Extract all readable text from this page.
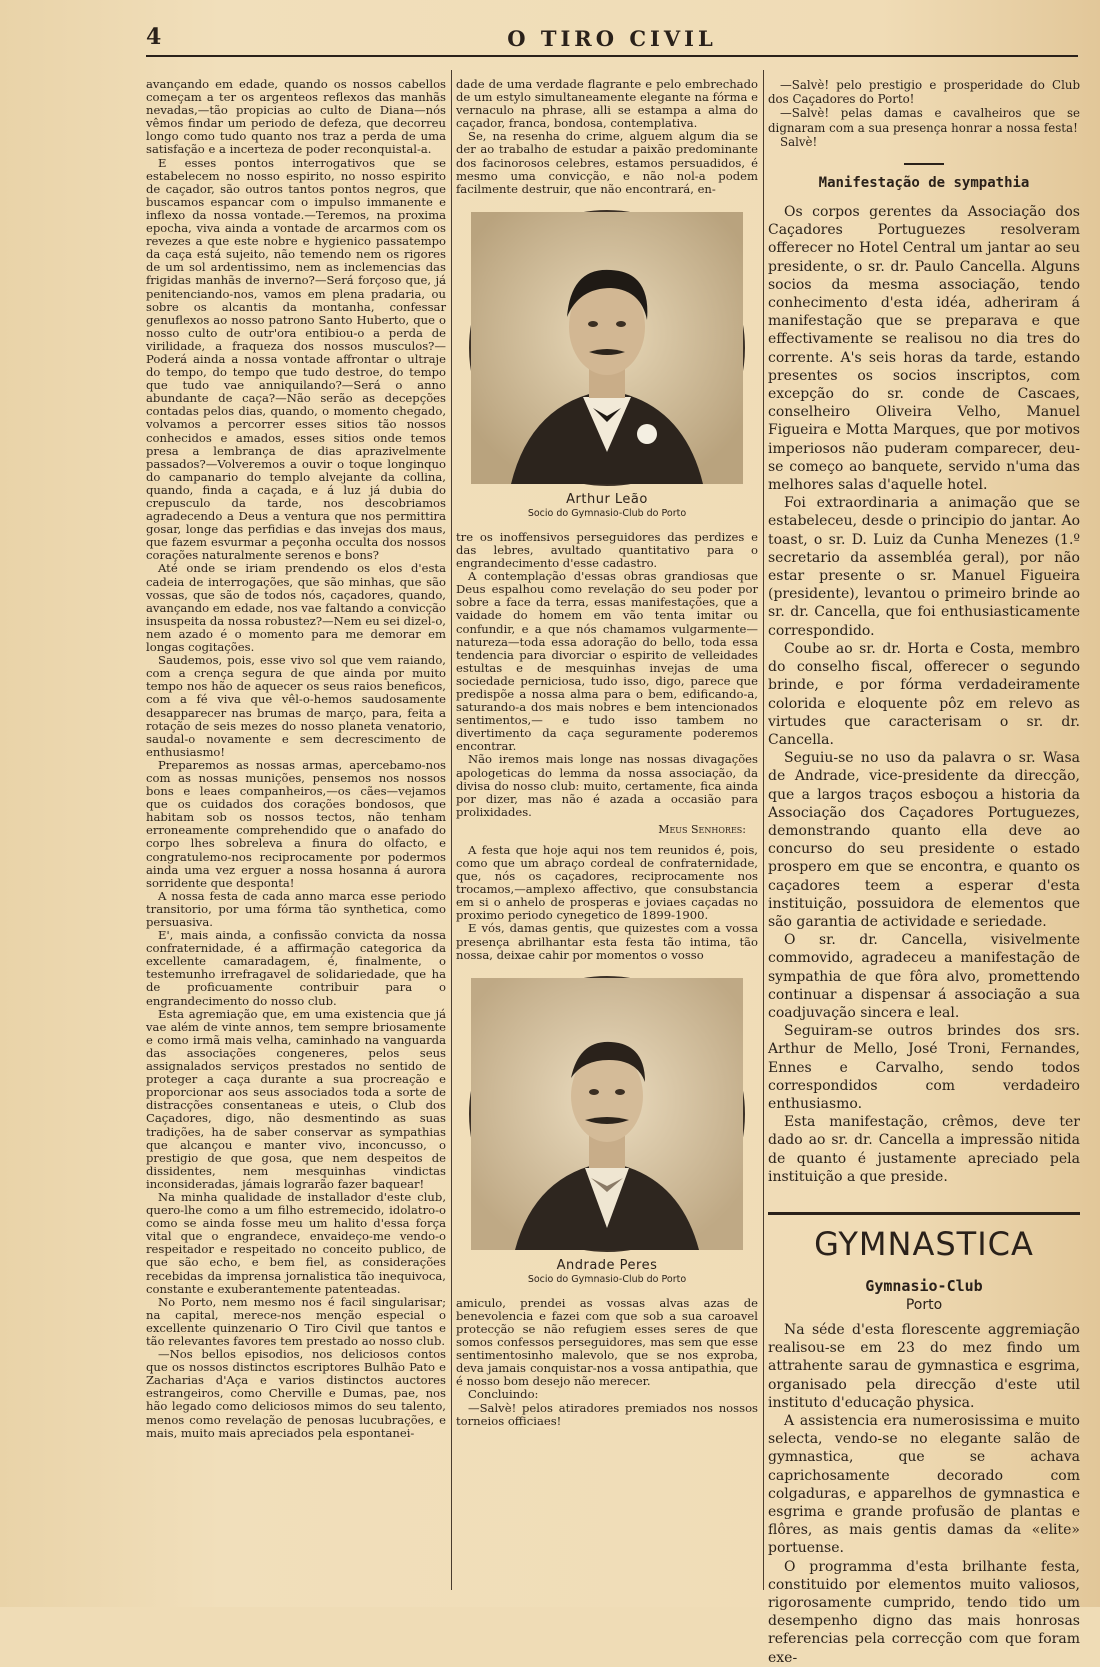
4	O TIRO CIVIL

avançando em edade, quando os nossos cabellos começam a ter os argenteos reflexos das manhãs nevadas,—tão propicias ao culto de Diana—nós vêmos findar um periodo de defeza, que decorreu longo como tudo quanto nos traz a perda de uma satisfação e a incerteza de poder reconquistal-a.

E esses pontos interrogativos que se estabelecem no nosso espirito, no nosso espirito de caçador, são outros tantos pontos negros, que buscamos espancar com o impulso immanente e inflexo da nossa vontade.—Teremos, na proxima epocha, viva ainda a vontade de arcarmos com os revezes a que este nobre e hygienico passatempo da caça está sujeito, não temendo nem os rigores de um sol ardentissimo, nem as inclemencias das frigidas manhãs de inverno?—Será forçoso que, já penitenciando-nos, vamos em plena pradaria, ou sobre os alcantis da montanha, confessar genuflexos ao nosso patrono Santo Huberto, que o nosso culto de outr'ora entibiou-o a perda de virilidade, a fraqueza dos nossos musculos?—Poderá ainda a nossa vontade affrontar o ultraje do tempo, do tempo que tudo destroe, do tempo que tudo vae anniquilando?—Será o anno abundante de caça?—Não serão as decepções contadas pelos dias, quando, o momento chegado, volvamos a percorrer esses sitios tão nossos conhecidos e amados, esses sitios onde temos presa a lembrança de dias aprazivelmente passados?—Volveremos a ouvir o toque longinquo do campanario do templo alvejante da collina, quando, finda a caçada, e á luz já dubia do crepusculo da tarde, nos descobriamos agradecendo a Deus a ventura que nos permittira gosar, longe das perfidias e das invejas dos maus, que fazem esvurmar a peçonha occulta dos nossos corações naturalmente serenos e bons?

Até onde se iriam prendendo os elos d'esta cadeia de interrogações, que são minhas, que são vossas, que são de todos nós, caçadores, quando, avançando em edade, nos vae faltando a convicção insuspeita da nossa robustez?—Nem eu sei dizel-o, nem azado é o momento para me demorar em longas cogitações.

Saudemos, pois, esse vivo sol que vem raiando, com a crença segura de que ainda por muito tempo nos hão de aquecer os seus raios beneficos, com a fé viva que vêl-o-hemos saudosamente desapparecer nas brumas de março, para, feita a rotação de seis mezes do nosso planeta venatorio, saudal-o novamente e sem decrescimento de enthusiasmo!

Preparemos as nossas armas, apercebamo-nos com as nossas munições, pensemos nos nossos bons e leaes companheiros,—os cães—vejamos que os cuidados dos corações bondosos, que habitam sob os nossos tectos, não tenham erroneamente comprehendido que o anafado do corpo lhes sobreleva a finura do olfacto, e congratulemo-nos reciprocamente por podermos ainda uma vez erguer a nossa hosanna á aurora sorridente que desponta!

A nossa festa de cada anno marca esse periodo transitorio, por uma fórma tão synthetica, como persuasiva.

E', mais ainda, a confissão convicta da nossa confraternidade, é a affirmação categorica da excellente camaradagem, é, finalmente, o testemunho irrefragavel de solidariedade, que ha de proficuamente contribuir para o engrandecimento do nosso club.

Esta agremiação que, em uma existencia que já vae além de vinte annos, tem sempre briosamente e como irmã mais velha, caminhado na vanguarda das associações congeneres, pelos seus assignalados serviços prestados no sentido de proteger a caça durante a sua procreação e proporcionar aos seus associados toda a sorte de distracções consentaneas e uteis, o Club dos Caçadores, digo, não desmentindo as suas tradições, ha de saber conservar as sympathias que alcançou e manter vivo, inconcusso, o prestigio de que gosa, que nem despeitos de dissidentes, nem mesquinhas vindictas inconsideradas, jámais lograrão fazer baquear!

Na minha qualidade de installador d'este club, quero-lhe como a um filho estremecido, idolatro-o como se ainda fosse meu um halito d'essa força vital que o engrandece, envaideço-me vendo-o respeitador e respeitado no conceito publico, de que são echo, e bem fiel, as considerações recebidas da imprensa jornalistica tão inequivoca, constante e exuberantemente patenteadas.

No Porto, nem mesmo nos é facil singularisar; na capital, merece-nos menção especial o excellente quinzenario O Tiro Civil que tantos e tão relevantes favores tem prestado ao nosso club.

—Nos bellos episodios, nos deliciosos contos que os nossos distinctos escriptores Bulhão Pato e Zacharias d'Aça e varios distinctos auctores estrangeiros, como Cherville e Dumas, pae, nos hão legado como deliciosos mimos do seu talento, menos como revelação de penosas lucubrações, e mais, muito mais apreciados pela espontanei-

dade de uma verdade flagrante e pelo embrechado de um estylo simultaneamente elegante na fórma e vernaculo na phrase, alli se estampa a alma do caçador, franca, bondosa, contemplativa.

Se, na resenha do crime, alguem algum dia se der ao trabalho de estudar a paixão predominante dos facinorosos celebres, estamos persuadidos, é mesmo uma convicção, e não nol-a podem facilmente destruir, que não encontrará, en-

Arthur Leão
Socio do Gymnasio-Club do Porto

tre os inoffensivos perseguidores das perdizes e das lebres, avultado quantitativo para o engrandecimento d'esse cadastro.

A contemplação d'essas obras grandiosas que Deus espalhou como revelação do seu poder por sobre a face da terra, essas manifestações, que a vaidade do homem em vão tenta imitar ou confundir, e a que nós chamamos vulgarmente—natureza—toda essa adoração do bello, toda essa tendencia para divorciar o espirito de velleidades estultas e de mesquinhas invejas de uma sociedade perniciosa, tudo isso, digo, parece que predispõe a nossa alma para o bem, edificando-a, saturando-a dos mais nobres e bem intencionados sentimentos,— e tudo isso tambem no divertimento da caça seguramente poderemos encontrar.

Não iremos mais longe nas nossas divagações apologeticas do lemma da nossa associação, da divisa do nosso club: muito, certamente, fica ainda por dizer, mas não é azada a occasião para prolixidades.

Meus Senhores:

A festa que hoje aqui nos tem reunidos é, pois, como que um abraço cordeal de confraternidade, que, nós os caçadores, reciprocamente nos trocamos,—amplexo affectivo, que consubstancia em si o anhelo de prosperas e joviaes caçadas no proximo periodo cynegetico de 1899-1900.

E vós, damas gentis, que quizestes com a vossa presença abrilhantar esta festa tão intima, tão nossa, deixae cahir por momentos o vosso

Andrade Peres
Socio do Gymnasio-Club do Porto

amiculo, prendei as vossas alvas azas de benevolencia e fazei com que sob a sua caroavel protecção se não refugiem esses seres de que somos confessos perseguidores, mas sem que esse sentimentosinho malevolo, que se nos exproba, deva jamais conquistar-nos a vossa antipathia, que é nosso bom desejo não merecer.

Concluindo:

—Salvè! pelos atiradores premiados nos nossos torneios officiaes!

—Salvè! pelo prestigio e prosperidade do Club dos Caçadores do Porto!

—Salvè! pelas damas e cavalheiros que se dignaram com a sua presença honrar a nossa festa!

Salvè!

Manifestação de sympathia

Os corpos gerentes da Associação dos Caçadores Portuguezes resolveram offerecer no Hotel Central um jantar ao seu presidente, o sr. dr. Paulo Cancella. Alguns socios da mesma associação, tendo conhecimento d'esta idéa, adheriram á manifestação que se preparava e que effectivamente se realisou no dia tres do corrente. A's seis horas da tarde, estando presentes os socios inscriptos, com excepção do sr. conde de Cascaes, conselheiro Oliveira Velho, Manuel Figueira e Motta Marques, que por motivos imperiosos não puderam comparecer, deu-se começo ao banquete, servido n'uma das melhores salas d'aquelle hotel.

Foi extraordinaria a animação que se estabeleceu, desde o principio do jantar. Ao toast, o sr. D. Luiz da Cunha Menezes (1.º secretario da assembléa geral), por não estar presente o sr. Manuel Figueira (presidente), levantou o primeiro brinde ao sr. dr. Cancella, que foi enthusiasticamente correspondido.

Coube ao sr. dr. Horta e Costa, membro do conselho fiscal, offerecer o segundo brinde, e por fórma verdadeiramente colorida e eloquente pôz em relevo as virtudes que caracterisam o sr. dr. Cancella.

Seguiu-se no uso da palavra o sr. Wasa de Andrade, vice-presidente da direcção, que a largos traços esboçou a historia da Associação dos Caçadores Portuguezes, demonstrando quanto ella deve ao concurso do seu presidente o estado prospero em que se encontra, e quanto os caçadores teem a esperar d'esta instituição, possuidora de elementos que são garantia de actividade e seriedade.

O sr. dr. Cancella, visivelmente commovido, agradeceu a manifestação de sympathia de que fôra alvo, promettendo continuar a dispensar á associação a sua coadjuvação sincera e leal.

Seguiram-se outros brindes dos srs. Arthur de Mello, José Troni, Fernandes, Ennes e Carvalho, sendo todos correspondidos com verdadeiro enthusiasmo.

Esta manifestação, crêmos, deve ter dado ao sr. dr. Cancella a impressão nitida de quanto é justamente apreciado pela instituição a que preside.

GYMNASTICA
Gymnasio-Club
Porto

Na séde d'esta florescente aggremiação realisou-se em 23 do mez findo um attrahente sarau de gymnastica e esgrima, organisado pela direcção d'este util instituto d'educação physica.

A assistencia era numerosissima e muito selecta, vendo-se no elegante salão de gymnastica, que se achava caprichosamente decorado com colgaduras, e apparelhos de gymnastica e esgrima e grande profusão de plantas e flôres, as mais gentis damas da «elite» portuense.

O programma d'esta brilhante festa, constituido por elementos muito valiosos, rigorosamente cumprido, tendo tido um desempenho digno das mais honrosas referencias pela correcção com que foram exe-
